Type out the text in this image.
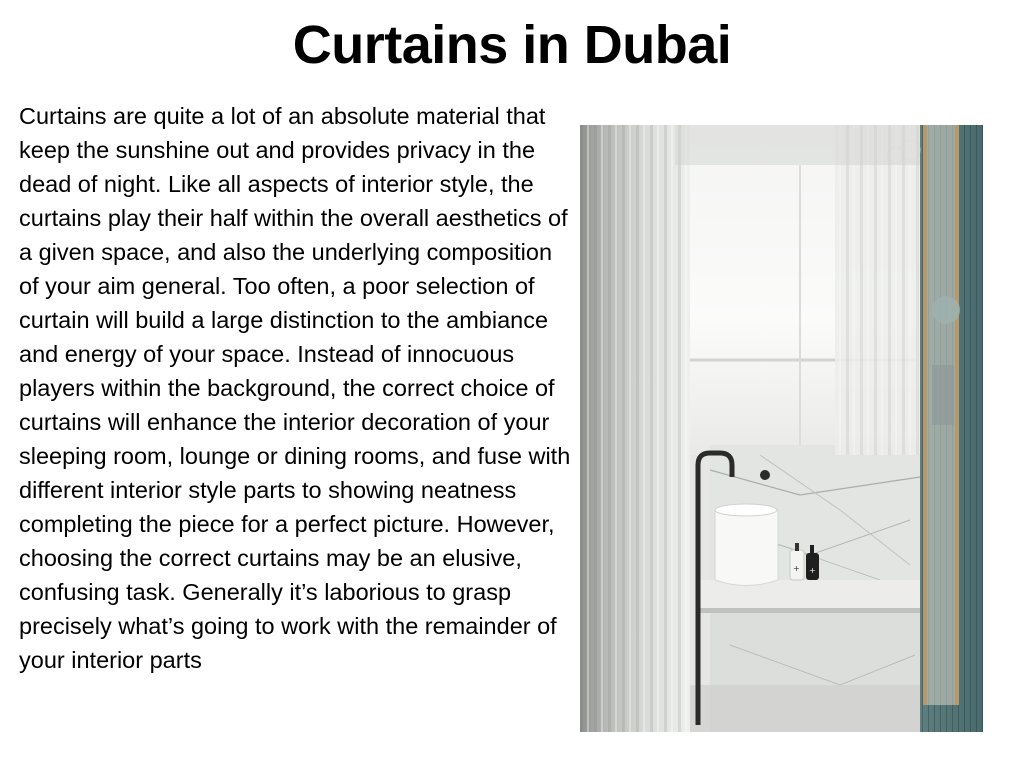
Curtains in Dubai

Curtains are quite a lot of an absolute material that keep the sunshine out and provides privacy in the dead of night. Like all aspects of interior style, the curtains play their half within the overall aesthetics of a given space, and also the underlying composition of your aim general. Too often, a poor selection of curtain will build a large distinction to the ambiance and energy of your space. Instead of innocuous players within the background, the correct choice of curtains will enhance the interior decoration of your sleeping room, lounge or dining rooms, and fuse with different interior style parts to showing neatness completing the piece for a perfect picture. However, choosing the correct curtains may be an elusive, confusing task. Generally it’s laborious to grasp precisely what’s going to work with the remainder of your interior parts

+ +
